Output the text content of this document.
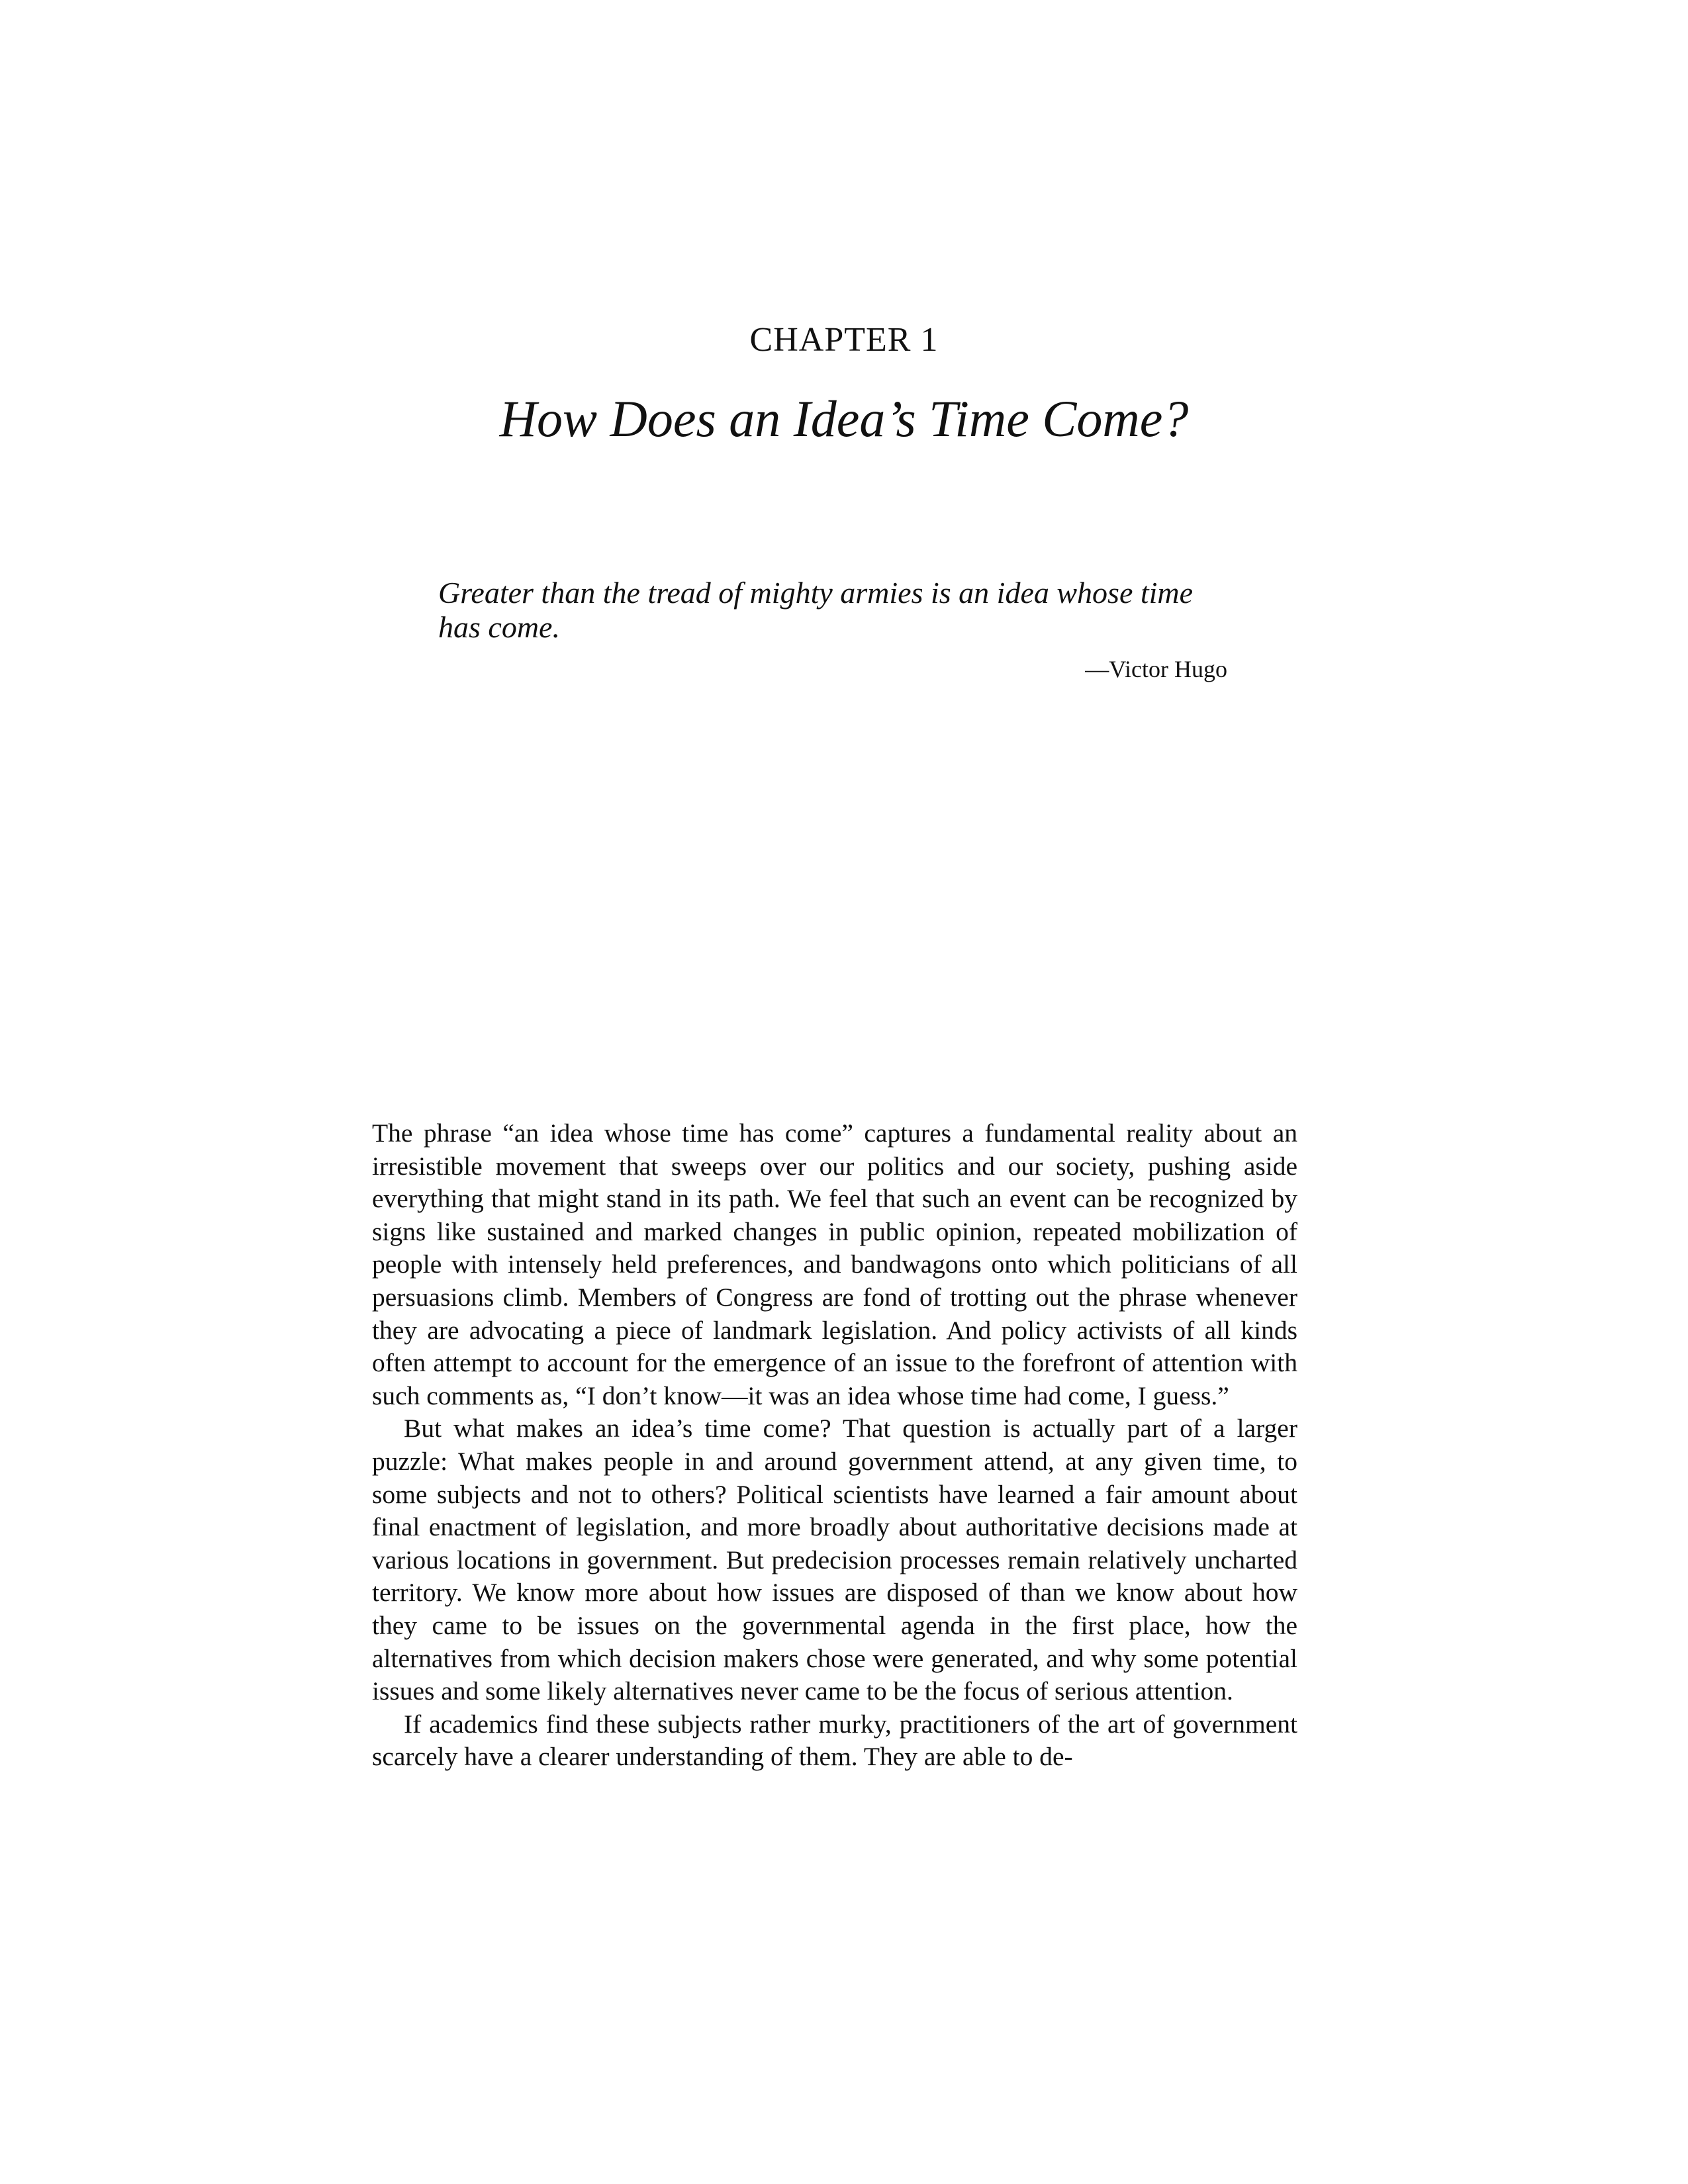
CHAPTER 1
How Does an Idea’s Time Come?

Greater than the tread of mighty armies is an idea whose time has come.

—Victor Hugo

The phrase “an idea whose time has come” captures a fundamental reality about an irresistible movement that sweeps over our politics and our society, pushing aside everything that might stand in its path. We feel that such an event can be recognized by signs like sustained and marked changes in public opinion, repeated mobilization of people with intensely held preferences, and bandwagons onto which politicians of all persuasions climb. Members of Congress are fond of trotting out the phrase whenever they are advocating a piece of landmark legislation. And policy activists of all kinds often attempt to account for the emergence of an issue to the forefront of attention with such comments as, “I don’t know—it was an idea whose time had come, I guess.”

But what makes an idea’s time come? That question is actually part of a larger puzzle: What makes people in and around government attend, at any given time, to some subjects and not to others? Political scientists have learned a fair amount about final enactment of legislation, and more broadly about authoritative decisions made at various locations in government. But predecision processes remain relatively uncharted territory. We know more about how issues are disposed of than we know about how they came to be issues on the governmental agenda in the first place, how the alternatives from which decision makers chose were generated, and why some potential issues and some likely alternatives never came to be the focus of serious attention.

If academics find these subjects rather murky, practitioners of the art of government scarcely have a clearer understanding of them. They are able to de-
